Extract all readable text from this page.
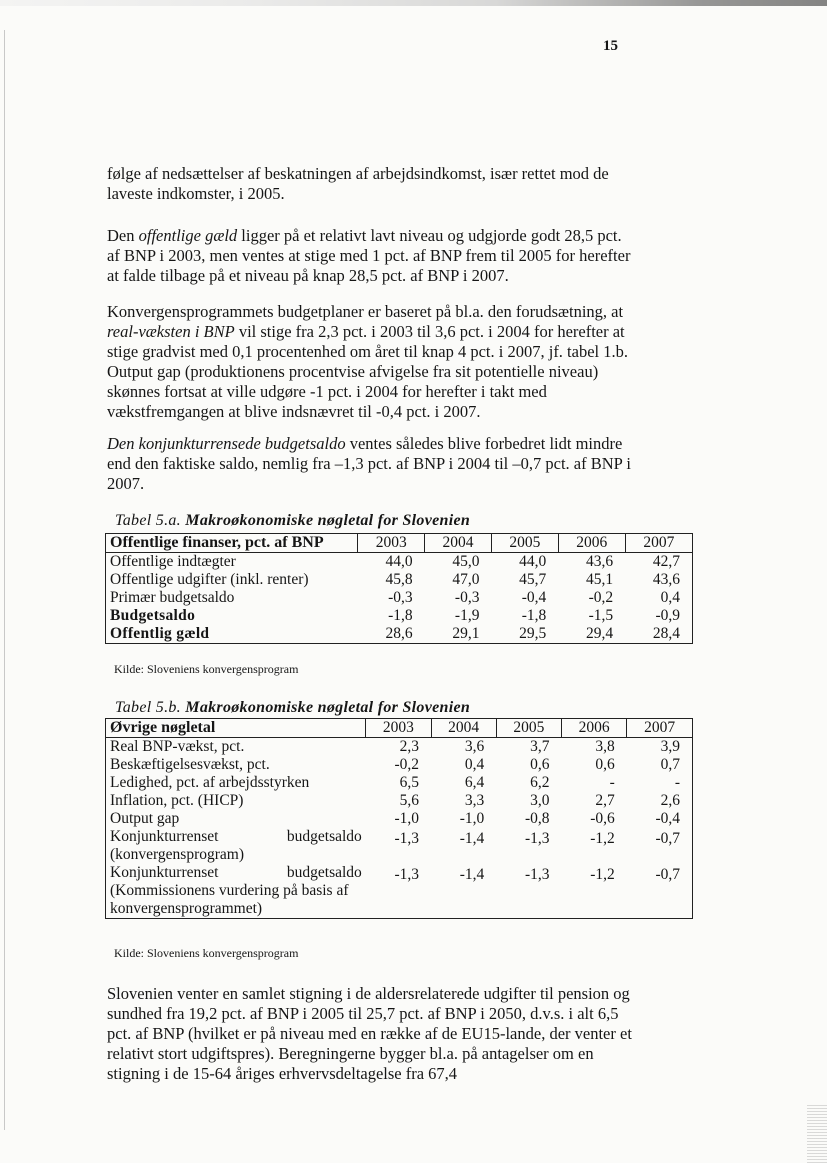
15

følge af nedsættelser af beskatningen af arbejdsindkomst, især rettet mod de laveste indkomster, i 2005.

Den offentlige gæld ligger på et relativt lavt niveau og udgjorde godt 28,5 pct. af BNP i 2003, men ventes at stige med 1 pct. af BNP frem til 2005 for herefter at falde tilbage på et niveau på knap 28,5 pct. af BNP i 2007.

Konvergensprogrammets budgetplaner er baseret på bl.a. den forudsætning, at real-væksten i BNP vil stige fra 2,3 pct. i 2003 til 3,6 pct. i 2004 for herefter at stige gradvist med 0,1 procentenhed om året til knap 4 pct. i 2007, jf. tabel 1.b. Output gap (produktionens procentvise afvigelse fra sit potentielle niveau) skønnes fortsat at ville udgøre -1 pct. i 2004 for herefter i takt med vækstfremgangen at blive indsnævret til -0,4 pct. i 2007.

Den konjunkturrensede budgetsaldo ventes således blive forbedret lidt mindre end den faktiske saldo, nemlig fra –1,3 pct. af BNP i 2004 til –0,7 pct. af BNP i 2007.

Tabel 5.a. Makroøkonomiske nøgletal for Slovenien
Offentlige finanser, pct. af BNP	2003	2004	2005	2006	2007
Offentlige indtægter	44,0	45,0	44,0	43,6	42,7
Offentlige udgifter (inkl. renter)	45,8	47,0	45,7	45,1	43,6
Primær budgetsaldo	-0,3	-0,3	-0,4	-0,2	0,4
Budgetsaldo	-1,8	-1,9	-1,8	-1,5	-0,9
Offentlig gæld	28,6	29,1	29,5	29,4	28,4
Kilde: Sloveniens konvergensprogram
Tabel 5.b. Makroøkonomiske nøgletal for Slovenien
Øvrige nøgletal	2003	2004	2005	2006	2007
Real BNP-vækst, pct.	2,3	3,6	3,7	3,8	3,9
Beskæftigelsesvækst, pct.	-0,2	0,4	0,6	0,6	0,7
Ledighed, pct. af arbejdsstyrken	6,5	6,4	6,2	-	-
Inflation, pct. (HICP)	5,6	3,3	3,0	2,7	2,6
Output gap	-1,0	-1,0	-0,8	-0,6	-0,4

Konjunkturrenset budgetsaldo
(konvergensprogram)	-1,3	-1,4	-1,3	-1,2	-0,7

Konjunkturrenset budgetsaldo
(Kommissionens vurdering på basis af konvergensprogrammet)	-1,3	-1,4	-1,3	-1,2	-0,7
Kilde: Sloveniens konvergensprogram

Slovenien venter en samlet stigning i de aldersrelaterede udgifter til pension og sundhed fra 19,2 pct. af BNP i 2005 til 25,7 pct. af BNP i 2050, d.v.s. i alt 6,5 pct. af BNP (hvilket er på niveau med en række af de EU15-lande, der venter et relativt stort udgiftspres). Beregningerne bygger bl.a. på antagelser om en stigning i de 15-64 åriges erhvervsdeltagelse fra 67,4
